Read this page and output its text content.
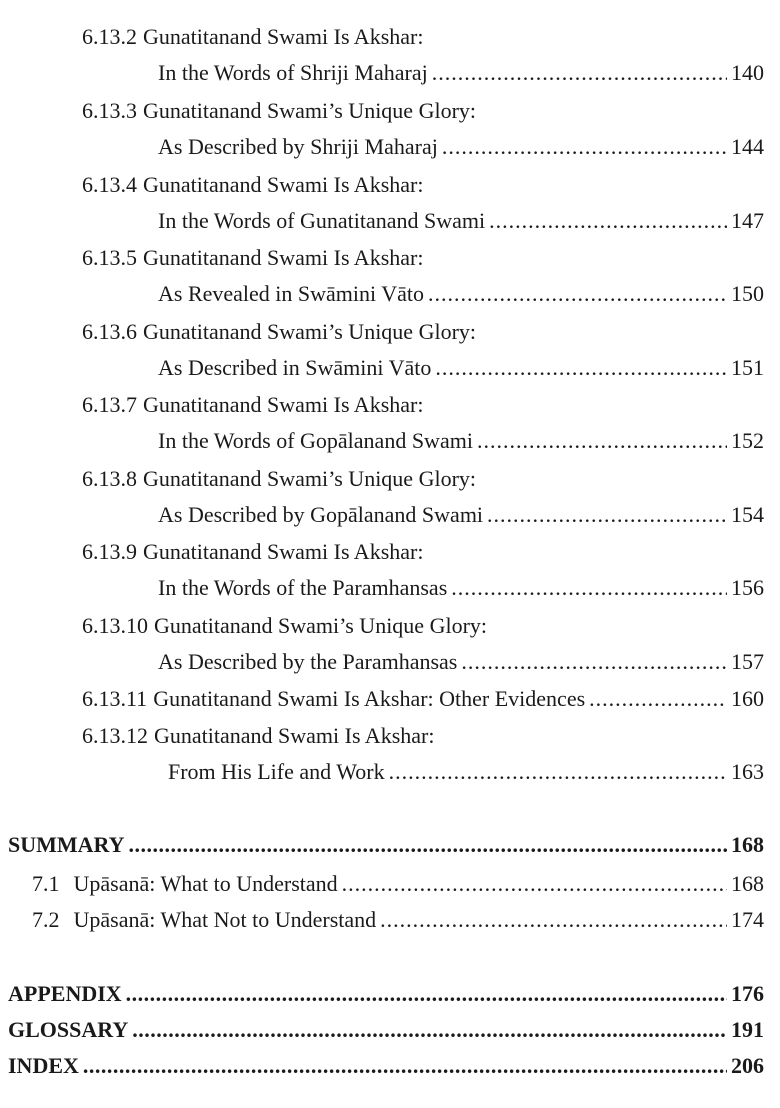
6.13.2 Gunatitanand Swami Is Akshar:
In the Words of Shriji Maharaj .....	140
6.13.3 Gunatitanand Swami’s Unique Glory:
As Described by Shriji Maharaj .....	144
6.13.4 Gunatitanand Swami Is Akshar:
In the Words of Gunatitanand Swami .....	147
6.13.5 Gunatitanand Swami Is Akshar:
As Revealed in Swāmini Vāto .....	150
6.13.6 Gunatitanand Swami’s Unique Glory:
As Described in Swāmini Vāto .....	151
6.13.7 Gunatitanand Swami Is Akshar:
In the Words of Gopālanand Swami .....	152
6.13.8 Gunatitanand Swami’s Unique Glory:
As Described by Gopālanand Swami .....	154
6.13.9 Gunatitanand Swami Is Akshar:
In the Words of the Paramhansas .....	156
6.13.10 Gunatitanand Swami’s Unique Glory:
As Described by the Paramhansas .....	157
6.13.11 Gunatitanand Swami Is Akshar: Other Evidences .....	160
6.13.12 Gunatitanand Swami Is Akshar:
From His Life and Work .....	163
SUMMARY .....	168
7.1 Upāsanā: What to Understand .....	168
7.2 Upāsanā: What Not to Understand .....	174
APPENDIX .....	176
GLOSSARY .....	191
INDEX .....	206
